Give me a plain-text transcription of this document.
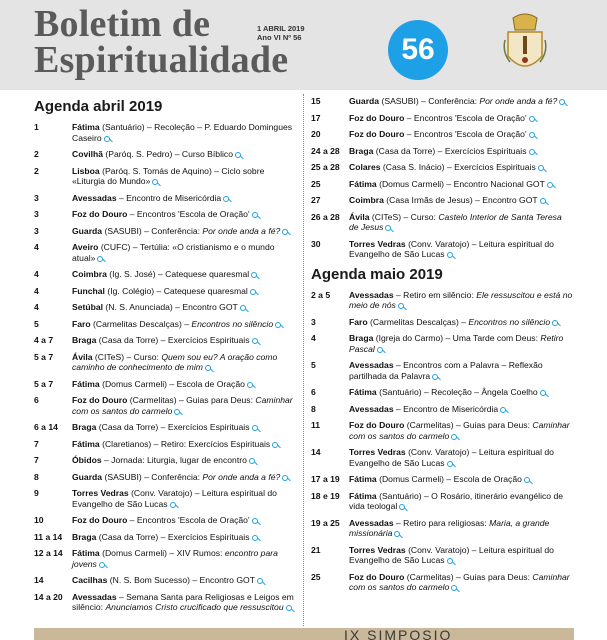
Boletim de
Espiritualidade
1 ABRIL 2019
Ano VI Nº 56	56
Agenda abril 2019
1	Fátima (Santuário) – Recoleção – P. Eduardo Domingues Caseiro
2	Covilhã (Paróq. S. Pedro) – Curso Bíblico
2	Lisboa (Paróq. S. Tomás de Aquino) – Ciclo sobre «Liturgia do Mundo»
3	Avessadas – Encontro de Misericórdia
3	Foz do Douro – Encontros 'Escola de Oração'
3	Guarda (SASUBI) – Conferência: Por onde anda a fé?
4	Aveiro (CUFC) – Tertúlia: «O cristianismo e o mundo atual»
4	Coimbra (Ig. S. José) – Catequese quaresmal
4	Funchal (Ig. Colégio) – Catequese quaresmal
4	Setúbal (N. S. Anunciada) – Encontro GOT
5	Faro (Carmelitas Descalças) – Encontros no silêncio
4 a 7	Braga (Casa da Torre) – Exercícios Espirituais
5 a 7	Ávila (CITeS) – Curso: Quem sou eu? A oração como caminho de conhecimento de mim
5 a 7	Fátima (Domus Carmeli) – Escola de Oração
6	Foz do Douro (Carmelitas) – Guias para Deus: Caminhar com os santos do carmelo
6 a 14	Braga (Casa da Torre) – Exercícios Espirituais
7	Fátima (Claretianos) – Retiro: Exercícios Espirituais
7	Óbidos – Jornada: Liturgia, lugar de encontro
8	Guarda (SASUBI) – Conferência: Por onde anda a fé?
9	Torres Vedras (Conv. Varatojo) – Leitura espiritual do Evangelho de São Lucas
10	Foz do Douro – Encontros 'Escola de Oração'
11 a 14	Braga (Casa da Torre) – Exercícios Espirituais
12 a 14	Fátima (Domus Carmeli) – XIV Rumos: encontro para jovens
14	Cacilhas (N. S. Bom Sucesso) – Encontro GOT
14 a 20	Avessadas – Semana Santa para Religiosas e Leigos em silêncio: Anunciamos Cristo crucificado que ressuscitou
15	Guarda (SASUBI) – Conferência: Por onde anda a fé?
17	Foz do Douro – Encontros 'Escola de Oração'
20	Foz do Douro – Encontros 'Escola de Oração'
24 a 28	Braga (Casa da Torre) – Exercícios Espirituais
25 a 28	Colares (Casa S. Inácio) – Exercícios Espirituais
25	Fátima (Domus Carmeli) – Encontro Nacional GOT
27	Coimbra (Casa Irmãs de Jesus) – Encontro GOT
26 a 28	Ávila (CITeS) – Curso: Castelo Interior de Santa Teresa de Jesus
30	Torres Vedras (Conv. Varatojo) – Leitura espiritual do Evangelho de São Lucas
Agenda maio 2019
2 a 5	Avessadas – Retiro em silêncio: Ele ressuscitou e está no meio de nós
3	Faro (Carmelitas Descalças) – Encontros no silêncio
4	Braga (Igreja do Carmo) – Uma Tarde com Deus: Retiro Pascal
5	Avessadas – Encontros com a Palavra – Reflexão partilhada da Palavra
6	Fátima (Santuário) – Recoleção – Ângela Coelho
8	Avessadas – Encontro de Misericórdia
11	Foz do Douro (Carmelitas) – Guias para Deus: Caminhar com os santos do carmelo
14	Torres Vedras (Conv. Varatojo) – Leitura espiritual do Evangelho de São Lucas
17 a 19	Fátima (Domus Carmeli) – Escola de Oração
18 e 19	Fátima (Santuário) – O Rosário, itinerário evangélico de vida teologal
19 a 25	Avessadas – Retiro para religiosas: Maria, a grande missionária
21	Torres Vedras (Conv. Varatojo) – Leitura espiritual do Evangelho de São Lucas
25	Foz do Douro (Carmelitas) – Guias para Deus: Caminhar com os santos do carmelo
IX SIMPOSIO
